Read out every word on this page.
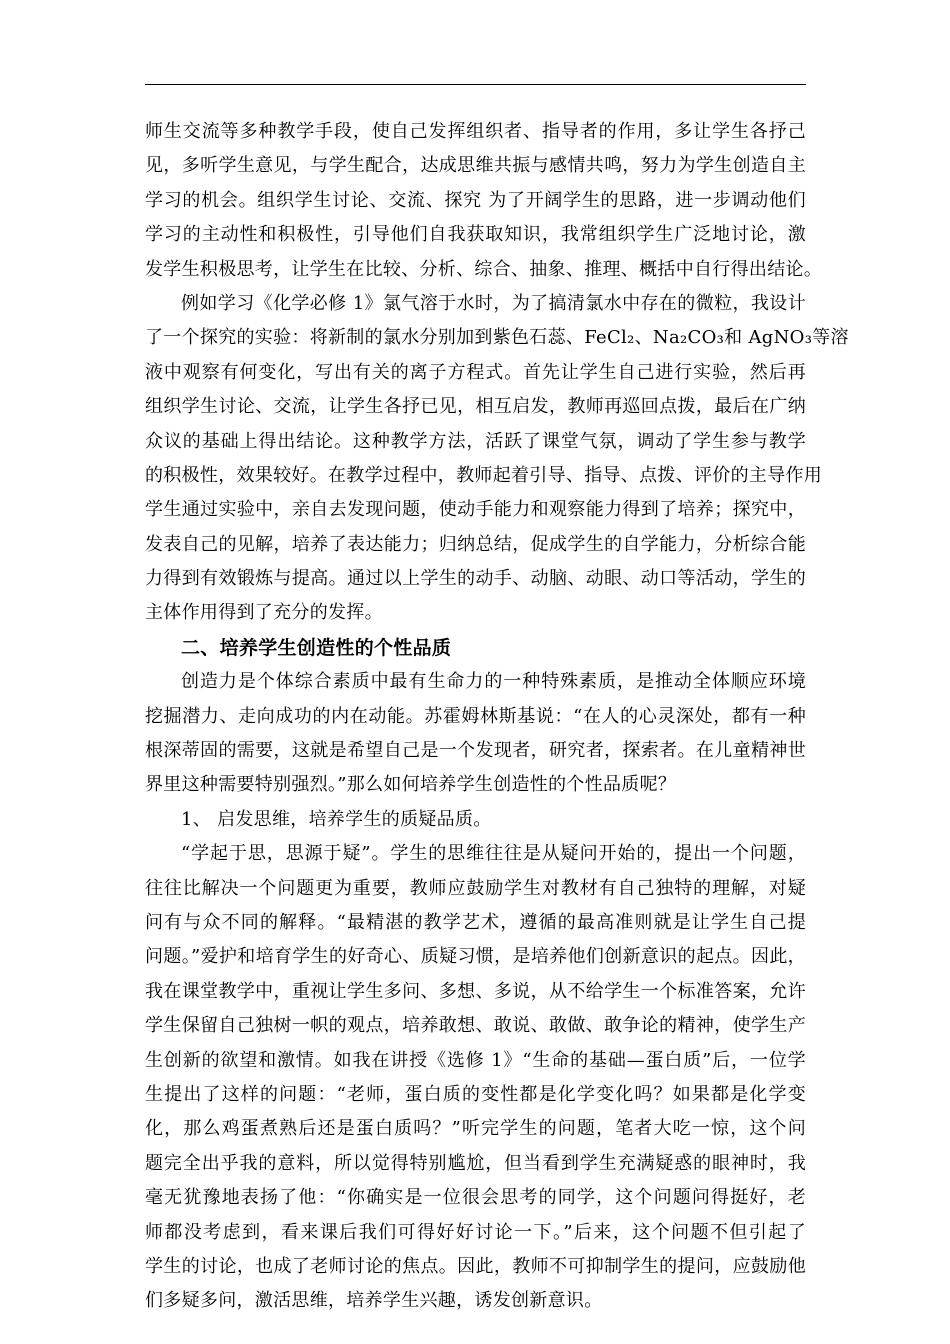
师生交流等多种教学手段，使自己发挥组织者、指导者的作用，多让学生各抒己
见，多听学生意见，与学生配合，达成思维共振与感情共鸣，努力为学生创造自主
学习的机会。组织学生讨论、交流、探究 为了开阔学生的思路，进一步调动他们
学习的主动性和积极性，引导他们自我获取知识，我常组织学生广泛地讨论，激
发学生积极思考，让学生在比较、分析、综合、抽象、推理、概括中自行得出结论。
例如学习《化学必修 1》氯气溶于水时，为了搞清氯水中存在的微粒，我设计
了一个探究的实验：将新制的氯水分别加到紫色石蕊、FeCl₂、Na₂CO₃和 AgNO₃等溶
液中观察有何变化，写出有关的离子方程式。首先让学生自己进行实验，然后再
组织学生讨论、交流，让学生各抒已见，相互启发，教师再巡回点拨，最后在广纳
众议的基础上得出结论。这种教学方法，活跃了课堂气氛，调动了学生参与教学
的积极性，效果较好。在教学过程中，教师起着引导、指导、点拨、评价的主导作用
学生通过实验中，亲自去发现问题，使动手能力和观察能力得到了培养；探究中，
发表自己的见解，培养了表达能力；归纳总结，促成学生的自学能力，分析综合能
力得到有效锻炼与提高。通过以上学生的动手、动脑、动眼、动口等活动，学生的
主体作用得到了充分的发挥。
二、培养学生创造性的个性品质
创造力是个体综合素质中最有生命力的一种特殊素质，是推动全体顺应环境
挖掘潜力、走向成功的内在动能。苏霍姆林斯基说：“在人的心灵深处，都有一种
根深蒂固的需要，这就是希望自己是一个发现者，研究者，探索者。在儿童精神世
界里这种需要特别强烈。”那么如何培养学生创造性的个性品质呢？
1、 启发思维，培养学生的质疑品质。
“学起于思，思源于疑”。学生的思维往往是从疑问开始的，提出一个问题，
往往比解决一个问题更为重要，教师应鼓励学生对教材有自己独特的理解，对疑
问有与众不同的解释。“最精湛的教学艺术，遵循的最高准则就是让学生自己提
问题。”爱护和培育学生的好奇心、质疑习惯，是培养他们创新意识的起点。因此，
我在课堂教学中，重视让学生多问、多想、多说，从不给学生一个标准答案，允许
学生保留自己独树一帜的观点，培养敢想、敢说、敢做、敢争论的精神，使学生产
生创新的欲望和激情。如我在讲授《选修 1》“生命的基础—蛋白质”后，一位学
生提出了这样的问题：“老师，蛋白质的变性都是化学变化吗？如果都是化学变
化，那么鸡蛋煮熟后还是蛋白质吗？”听完学生的问题，笔者大吃一惊，这个问
题完全出乎我的意料，所以觉得特别尴尬，但当看到学生充满疑惑的眼神时，我
毫无犹豫地表扬了他：“你确实是一位很会思考的同学，这个问题问得挺好，老
师都没考虑到，看来课后我们可得好好讨论一下。”后来，这个问题不但引起了
学生的讨论，也成了老师讨论的焦点。因此，教师不可抑制学生的提问，应鼓励他
们多疑多问，激活思维，培养学生兴趣，诱发创新意识。
